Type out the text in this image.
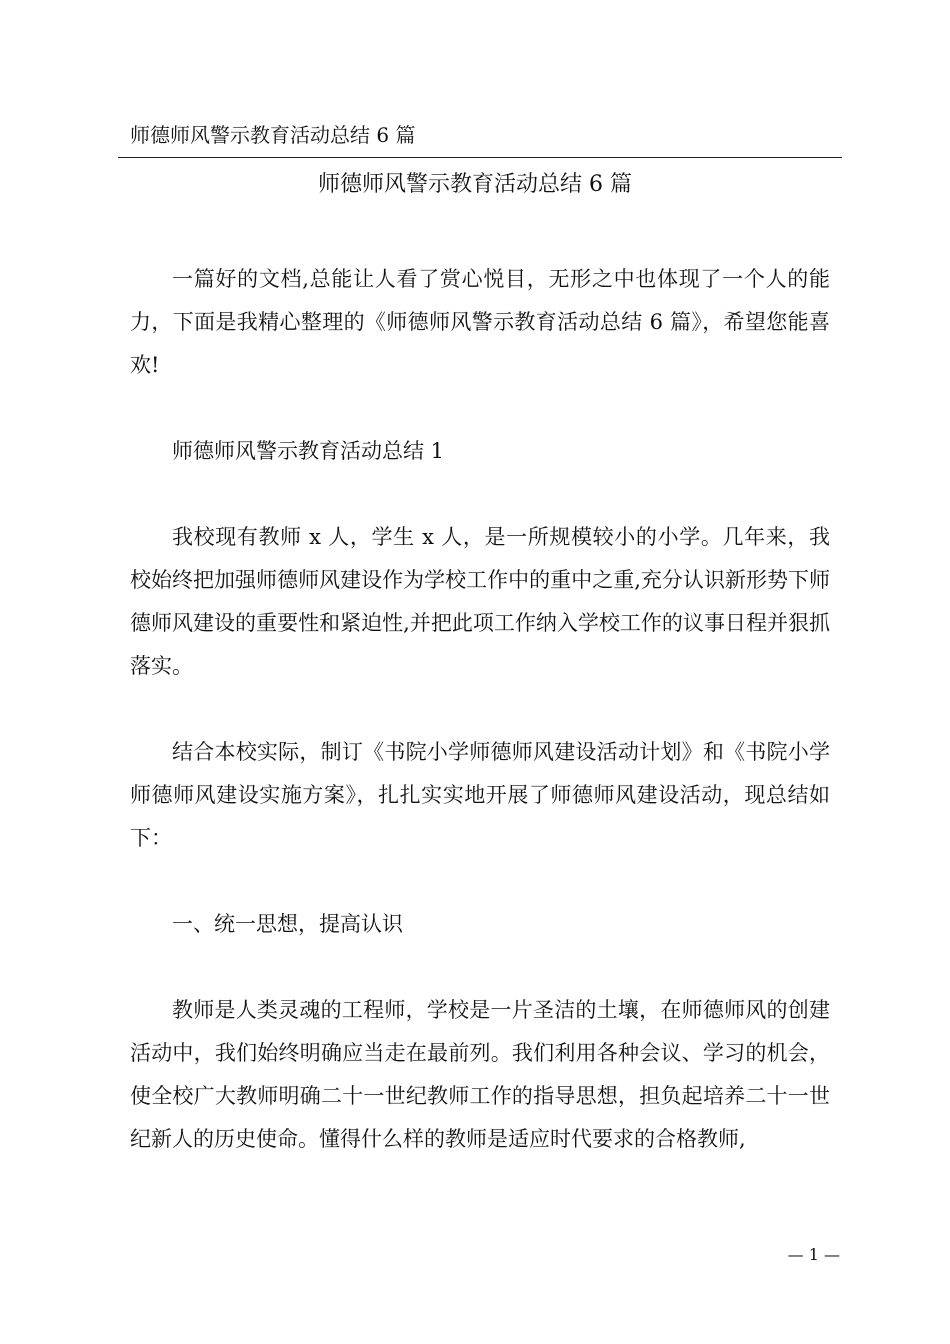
师德师风警示教育活动总结 6 篇
师德师风警示教育活动总结 6 篇

一篇好的文档,总能让人看了赏心悦目，无形之中也体现了一个人的能力，下面是我精心整理的《师德师风警示教育活动总结 6 篇》，希望您能喜欢!

师德师风警示教育活动总结 1

我校现有教师 x 人，学生 x 人，是一所规模较小的小学。几年来，我校始终把加强师德师风建设作为学校工作中的重中之重,充分认识新形势下师德师风建设的重要性和紧迫性,并把此项工作纳入学校工作的议事日程并狠抓落实。

结合本校实际，制订《书院小学师德师风建设活动计划》和《书院小学师德师风建设实施方案》，扎扎实实地开展了师德师风建设活动，现总结如下：

一、统一思想，提高认识

教师是人类灵魂的工程师，学校是一片圣洁的土壤，在师德师风的创建活动中，我们始终明确应当走在最前列。我们利用各种会议、学习的机会，使全校广大教师明确二十一世纪教师工作的指导思想，担负起培养二十一世纪新人的历史使命。懂得什么样的教师是适应时代要求的合格教师,

— 1 —
